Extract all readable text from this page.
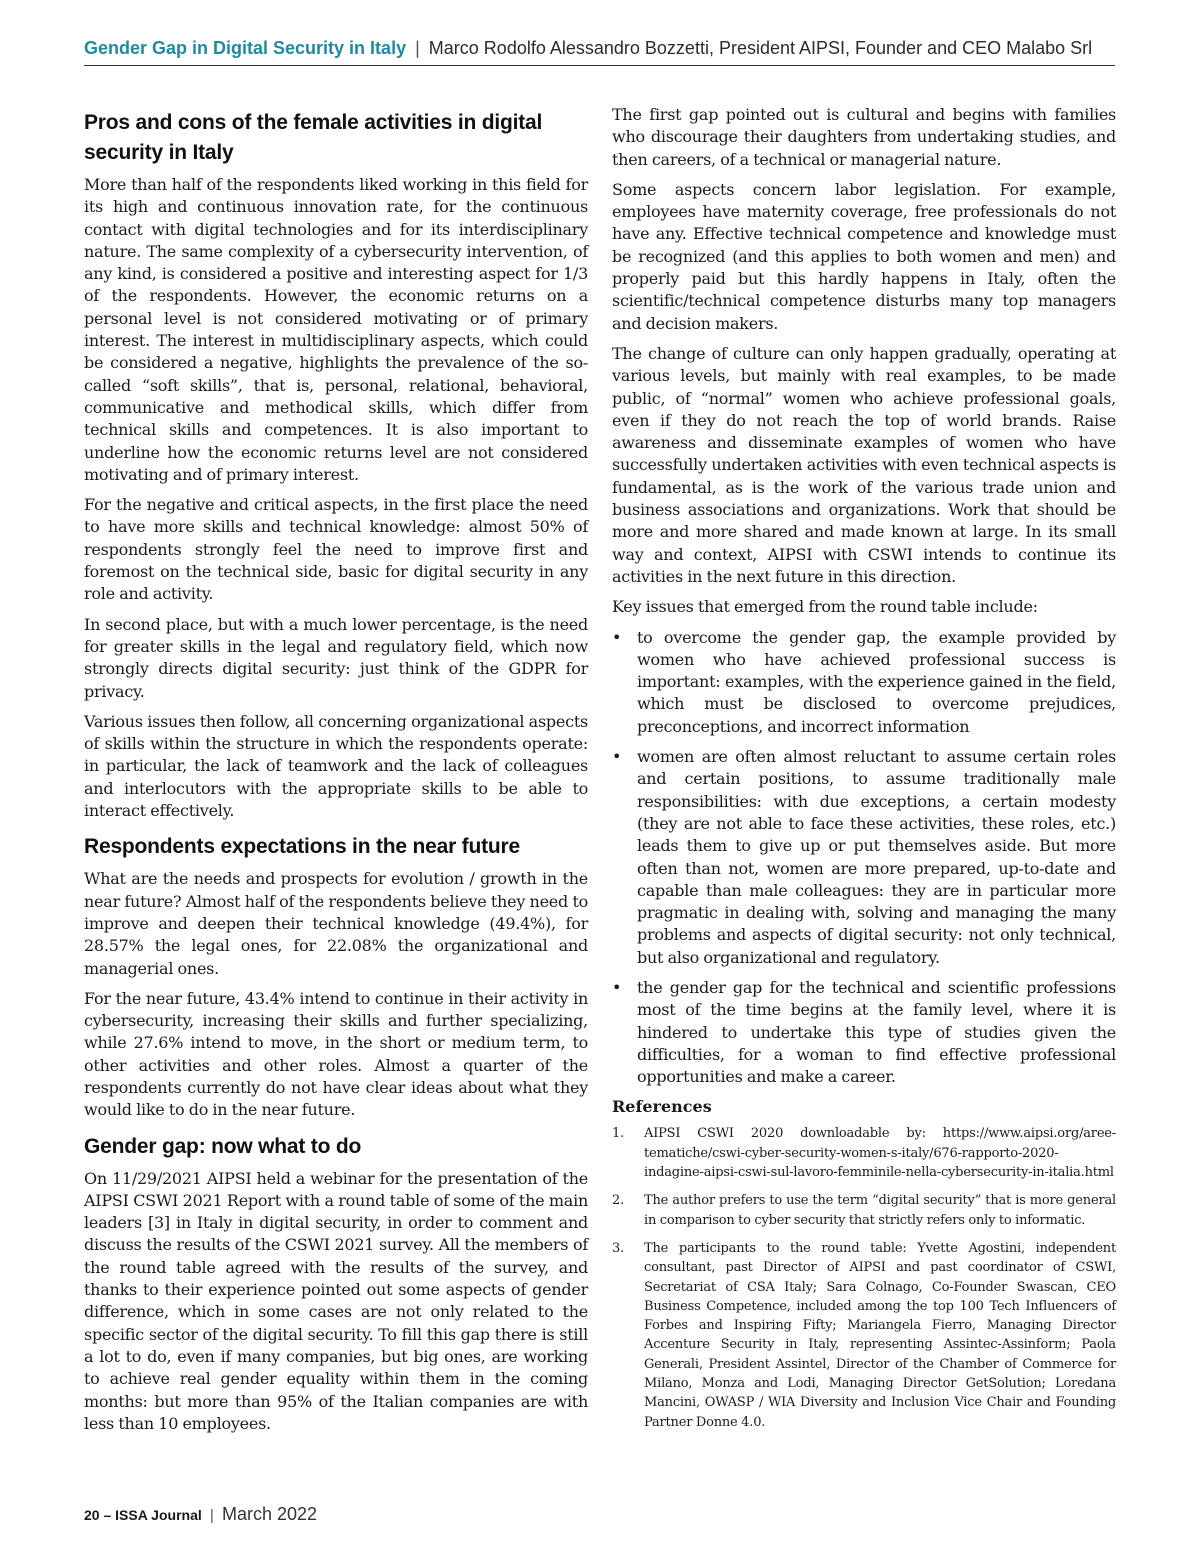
Gender Gap in Digital Security in Italy | Marco Rodolfo Alessandro Bozzetti, President AIPSI, Founder and CEO Malabo Srl
Pros and cons of the female activities in digital security in Italy

More than half of the respondents liked working in this field for its high and continuous innovation rate, for the continuous contact with digital technologies and for its interdisciplinary nature. The same complexity of a cybersecurity intervention, of any kind, is considered a positive and interesting aspect for 1/3 of the respondents. However, the economic returns on a personal level is not considered motivating or of primary interest. The interest in multidisciplinary aspects, which could be considered a negative, highlights the prevalence of the so-called “soft skills”, that is, personal, relational, behavioral, communicative and methodical skills, which differ from technical skills and competences. It is also important to underline how the economic returns level are not considered motivating and of primary interest.

For the negative and critical aspects, in the first place the need to have more skills and technical knowledge: almost 50% of respondents strongly feel the need to improve first and foremost on the technical side, basic for digital security in any role and activity.

In second place, but with a much lower percentage, is the need for greater skills in the legal and regulatory field, which now strongly directs digital security: just think of the GDPR for privacy.

Various issues then follow, all concerning organizational aspects of skills within the structure in which the respondents operate: in particular, the lack of teamwork and the lack of colleagues and interlocutors with the appropriate skills to be able to interact effectively.

Respondents expectations in the near future

What are the needs and prospects for evolution / growth in the near future? Almost half of the respondents believe they need to improve and deepen their technical knowledge (49.4%), for 28.57% the legal ones, for 22.08% the organizational and managerial ones.

For the near future, 43.4% intend to continue in their activity in cybersecurity, increasing their skills and further specializing, while 27.6% intend to move, in the short or medium term, to other activities and other roles. Almost a quarter of the respondents currently do not have clear ideas about what they would like to do in the near future.

Gender gap: now what to do

On 11/29/2021 AIPSI held a webinar for the presentation of the AIPSI CSWI 2021 Report with a round table of some of the main leaders [3] in Italy in digital security, in order to comment and discuss the results of the CSWI 2021 survey. All the members of the round table agreed with the results of the survey, and thanks to their experience pointed out some aspects of gender difference, which in some cases are not only related to the specific sector of the digital security. To fill this gap there is still a lot to do, even if many companies, but big ones, are working to achieve real gender equality within them in the coming months: but more than 95% of the Italian companies are with less than 10 employees.

The first gap pointed out is cultural and begins with families who discourage their daughters from undertaking studies, and then careers, of a technical or managerial nature.

Some aspects concern labor legislation. For example, employees have maternity coverage, free professionals do not have any. Effective technical competence and knowledge must be recognized (and this applies to both women and men) and properly paid but this hardly happens in Italy, often the scientific/technical competence disturbs many top managers and decision makers.

The change of culture can only happen gradually, operating at various levels, but mainly with real examples, to be made public, of “normal” women who achieve professional goals, even if they do not reach the top of world brands. Raise awareness and disseminate examples of women who have successfully undertaken activities with even technical aspects is fundamental, as is the work of the various trade union and business associations and organizations. Work that should be more and more shared and made known at large. In its small way and context, AIPSI with CSWI intends to continue its activities in the next future in this direction.

Key issues that emerged from the round table include:

• to overcome the gender gap, the example provided by women who have achieved professional success is important: examples, with the experience gained in the field, which must be disclosed to overcome prejudices, preconceptions, and incorrect information
• women are often almost reluctant to assume certain roles and certain positions, to assume traditionally male responsibilities: with due exceptions, a certain modesty (they are not able to face these activities, these roles, etc.) leads them to give up or put themselves aside. But more often than not, women are more prepared, up-to-date and capable than male colleagues: they are in particular more pragmatic in dealing with, solving and managing the many problems and aspects of digital security: not only technical, but also organizational and regulatory.
• the gender gap for the technical and scientific professions most of the time begins at the family level, where it is hindered to undertake this type of studies given the difficulties, for a woman to find effective professional opportunities and make a career.
References
1. AIPSI CSWI 2020 downloadable by: https://www.aipsi.org/aree-tematiche/cswi-cyber-security-women-s-italy/676-rapporto-2020-indagine-aipsi-cswi-sul-lavoro-femminile-nella-cybersecurity-in-italia.html
2. The author prefers to use the term “digital security” that is more general in comparison to cyber security that strictly refers only to informatic.
3. The participants to the round table: Yvette Agostini, independent consultant, past Director of AIPSI and past coordinator of CSWI, Secretariat of CSA Italy; Sara Colnago, Co-Founder Swascan, CEO Business Competence, included among the top 100 Tech Influencers of Forbes and Inspiring Fifty; Mariangela Fierro, Managing Director Accenture Security in Italy, representing Assintec-Assinform; Paola Generali, President Assintel, Director of the Chamber of Commerce for Milano, Monza and Lodi, Managing Director GetSolution; Loredana Mancini, OWASP / WIA Diversity and Inclusion Vice Chair and Founding Partner Donne 4.0.
20 – ISSA Journal | March 2022
